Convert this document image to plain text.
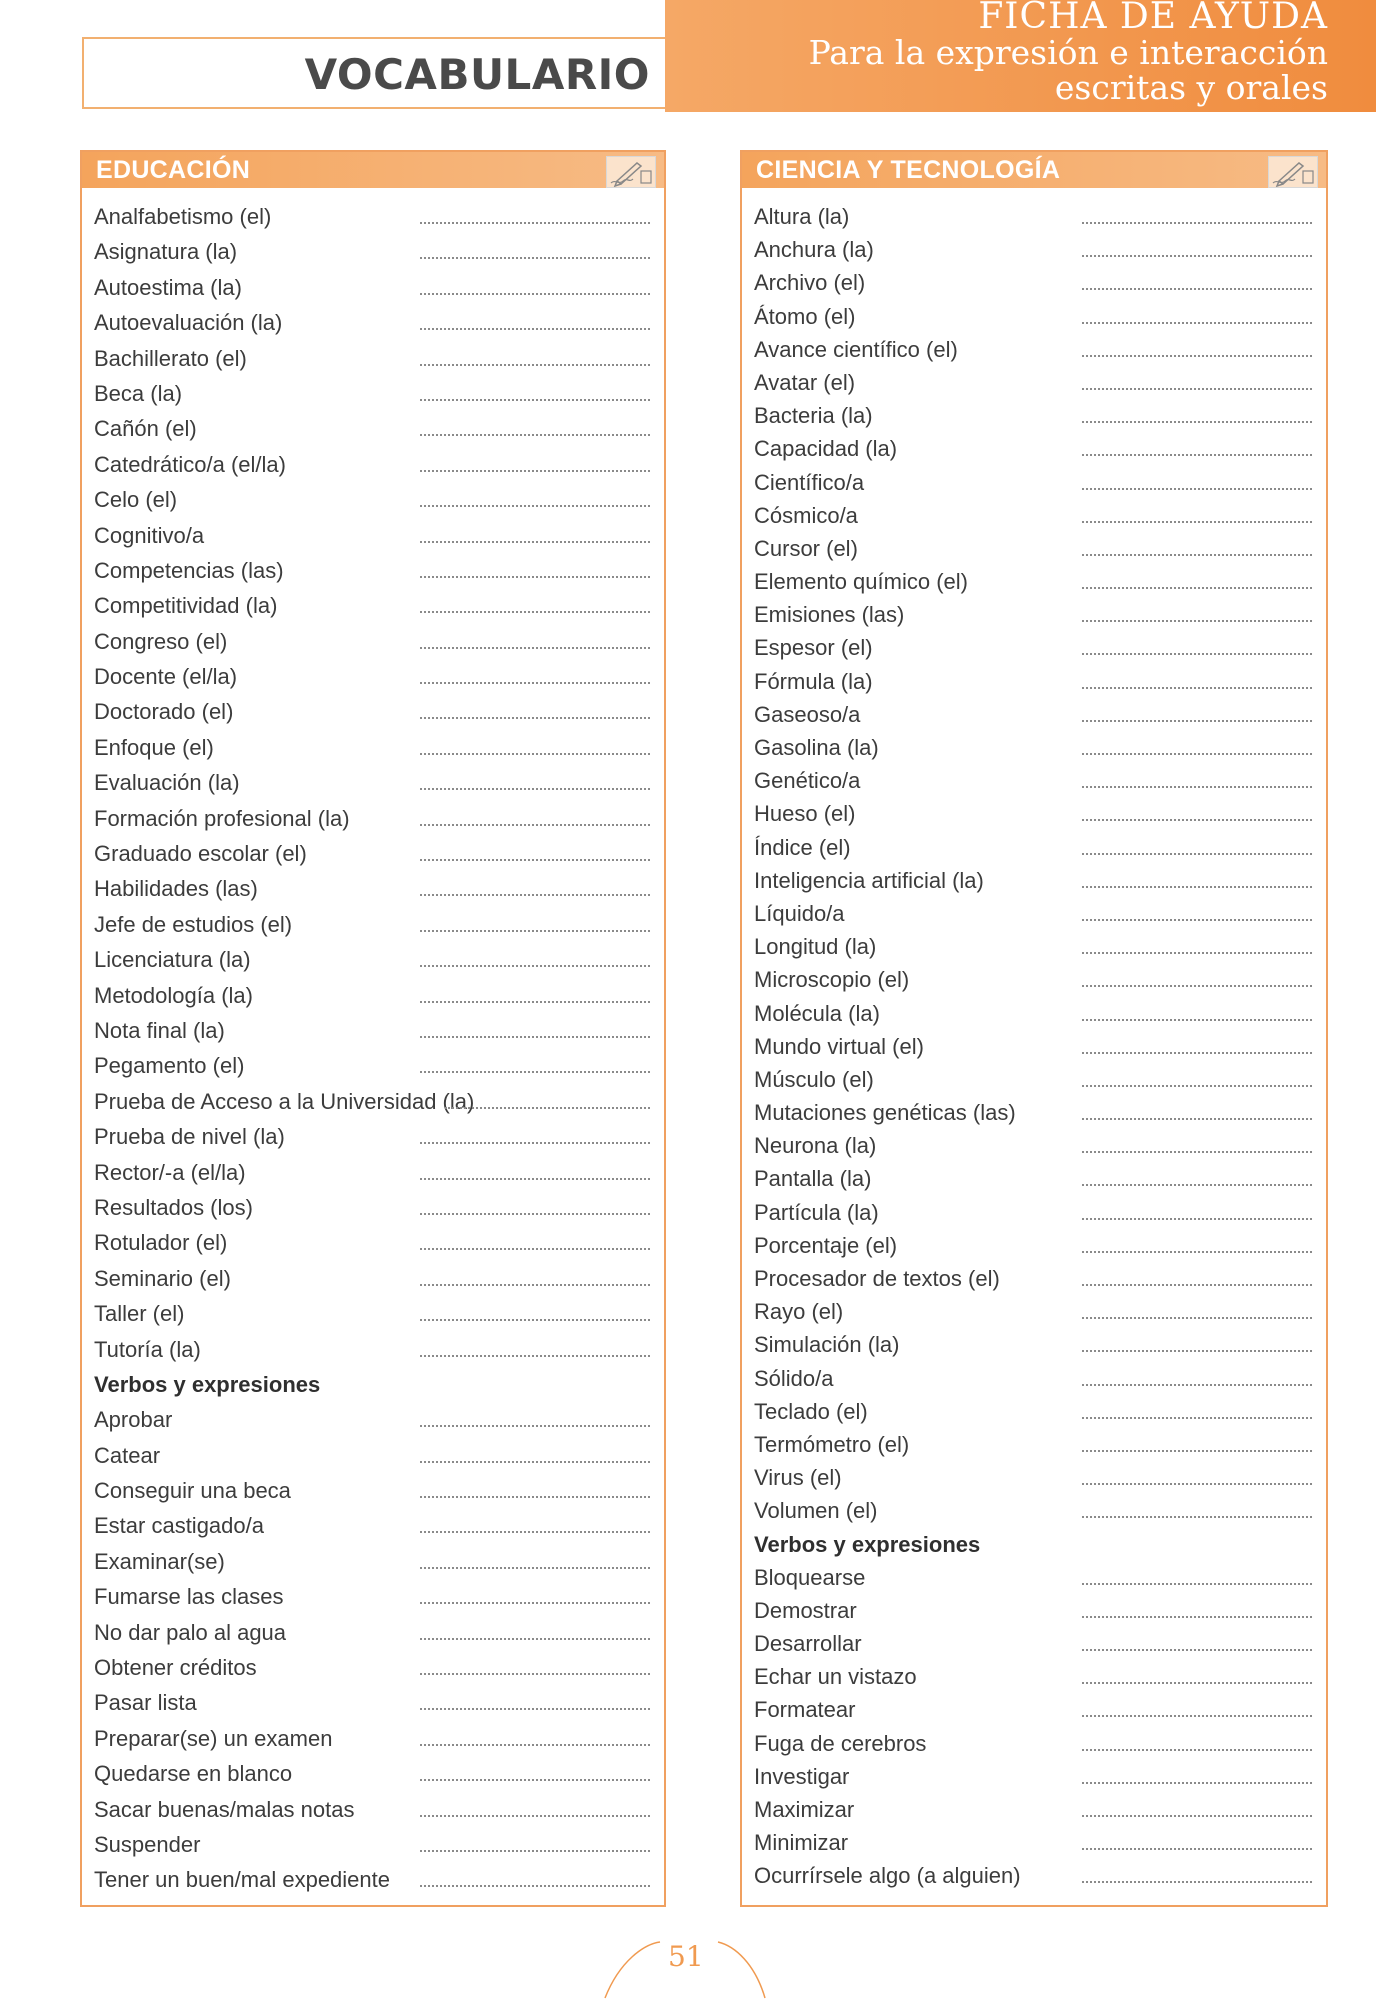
VOCABULARIO
FICHA DE AYUDA
Para la expresión e interacción
escritas y orales
EDUCACIÓN
Analfabetismo (el)
Asignatura (la)
Autoestima (la)
Autoevaluación (la)
Bachillerato (el)
Beca (la)
Cañón (el)
Catedrático/a (el/la)
Celo (el)
Cognitivo/a
Competencias (las)
Competitividad (la)
Congreso (el)
Docente (el/la)
Doctorado (el)
Enfoque (el)
Evaluación (la)
Formación profesional (la)
Graduado escolar (el)
Habilidades (las)
Jefe de estudios (el)
Licenciatura (la)
Metodología (la)
Nota final (la)
Pegamento (el)
Prueba de Acceso a la Universidad (la)
Prueba de nivel (la)
Rector/-a (el/la)
Resultados (los)
Rotulador (el)
Seminario (el)
Taller (el)
Tutoría (la)
Verbos y expresiones
Aprobar
Catear
Conseguir una beca
Estar castigado/a
Examinar(se)
Fumarse las clases
No dar palo al agua
Obtener créditos
Pasar lista
Preparar(se) un examen
Quedarse en blanco
Sacar buenas/malas notas
Suspender
Tener un buen/mal expediente
CIENCIA Y TECNOLOGÍA
Altura (la)
Anchura (la)
Archivo (el)
Átomo (el)
Avance científico (el)
Avatar (el)
Bacteria (la)
Capacidad (la)
Científico/a
Cósmico/a
Cursor (el)
Elemento químico (el)
Emisiones (las)
Espesor (el)
Fórmula (la)
Gaseoso/a
Gasolina (la)
Genético/a
Hueso (el)
Índice (el)
Inteligencia artificial (la)
Líquido/a
Longitud (la)
Microscopio (el)
Molécula (la)
Mundo virtual (el)
Músculo (el)
Mutaciones genéticas (las)
Neurona (la)
Pantalla (la)
Partícula (la)
Porcentaje (el)
Procesador de textos (el)
Rayo (el)
Simulación (la)
Sólido/a
Teclado (el)
Termómetro (el)
Virus (el)
Volumen (el)
Verbos y expresiones
Bloquearse
Demostrar
Desarrollar
Echar un vistazo
Formatear
Fuga de cerebros
Investigar
Maximizar
Minimizar
Ocurrírsele algo (a alguien)
51
